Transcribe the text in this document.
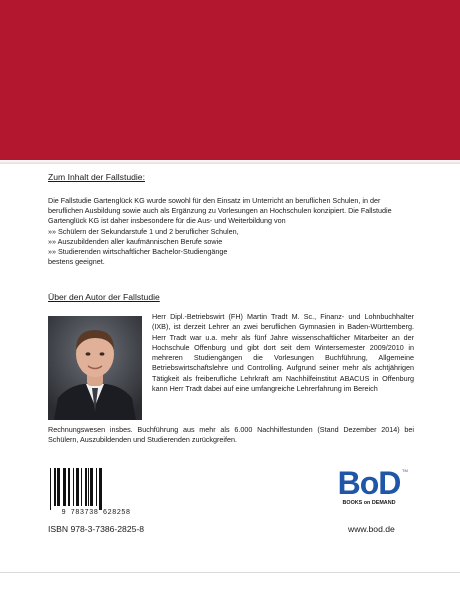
Zum Inhalt der Fallstudie:

Die Fallstudie Gartenglück KG wurde sowohl für den Einsatz im Unterricht an beruflichen Schulen, in der beruflichen Ausbildung sowie auch als Ergänzung zu Vorlesungen an Hochschulen konzipiert. Die Fallstudie Gartenglück KG ist daher insbesondere für die Aus- und Weiterbildung von

»» Schülern der Sekundarstufe 1 und 2 beruflicher Schulen,
»» Auszubildenden aller kaufmännischen Berufe sowie
»» Studierenden wirtschaftlicher Bachelor-Studiengänge
bestens geeignet.
Über den Autor der Fallstudie
Herr Dipl.-Betriebswirt (FH) Martin Tradt M. Sc., Finanz- und Lohnbuchhalter (IXB), ist derzeit Lehrer an zwei beruflichen Gymnasien in Baden-Württemberg. Herr Tradt war u.a. mehr als fünf Jahre wissenschaftlicher Mitarbeiter an der Hochschule Offenburg und gibt dort seit dem Wintersemester 2009/2010 in mehreren Studiengängen die Vorlesungen Buchführung, Allgemeine Betriebswirtschaftslehre und Controlling. Aufgrund seiner mehr als achtjährigen Tätigkeit als freiberufliche Lehrkraft am Nachhilfeinstitut ABACUS in Offenburg kann Herr Tradt dabei auf eine umfangreiche Lehrerfahrung im Bereich
Rechnungswesen insbes. Buchführung aus mehr als 6.000 Nachhilfestunden (Stand Dezember 2014) bei Schülern, Auszubildenden und Studierenden zurückgreifen.
9 783738 628258
BoD TM
BOOKS on DEMAND
ISBN 978-3-7386-2825-8	www.bod.de
